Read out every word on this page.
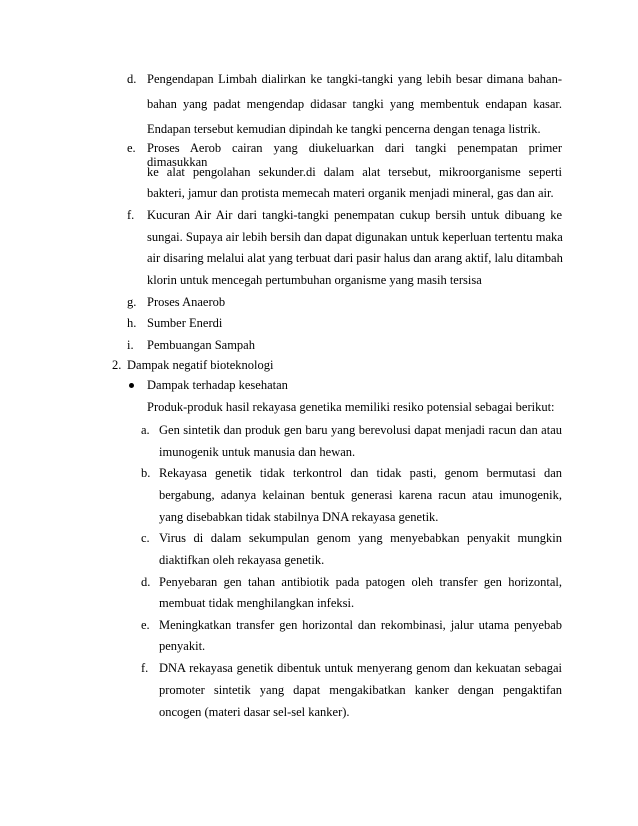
d. Pengendapan Limbah dialirkan ke tangki-tangki yang lebih besar dimana bahan-
bahan yang padat mengendap didasar tangki yang membentuk endapan kasar.
Endapan tersebut kemudian dipindah ke tangki pencerna dengan tenaga listrik.
e. Proses Aerob cairan yang diukeluarkan dari tangki penempatan primer dimasukkan
ke alat pengolahan sekunder.di dalam alat tersebut, mikroorganisme seperti
bakteri, jamur dan protista memecah materi organik menjadi mineral, gas dan air.
f. Kucuran Air Air dari tangki-tangki penempatan cukup bersih untuk dibuang ke
sungai. Supaya air lebih bersih dan dapat digunakan untuk keperluan tertentu maka
air disaring melalui alat yang terbuat dari pasir halus dan arang aktif, lalu ditambah
klorin untuk mencegah pertumbuhan organisme yang masih tersisa
g. Proses Anaerob
h. Sumber Enerdi
i. Pembuangan Sampah
2. Dampak negatif bioteknologi
Dampak terhadap kesehatan
Produk-produk hasil rekayasa genetika memiliki resiko potensial sebagai berikut:
a. Gen sintetik dan produk gen baru yang berevolusi dapat menjadi racun dan atau
imunogenik untuk manusia dan hewan.
b. Rekayasa genetik tidak terkontrol dan tidak pasti, genom bermutasi dan
bergabung, adanya kelainan bentuk generasi karena racun atau imunogenik,
yang disebabkan tidak stabilnya DNA rekayasa genetik.
c. Virus di dalam sekumpulan genom yang menyebabkan penyakit mungkin
diaktifkan oleh rekayasa genetik.
d. Penyebaran gen tahan antibiotik pada patogen oleh transfer gen horizontal,
membuat tidak menghilangkan infeksi.
e. Meningkatkan transfer gen horizontal dan rekombinasi, jalur utama penyebab
penyakit.
f. DNA rekayasa genetik dibentuk untuk menyerang genom dan kekuatan sebagai
promoter sintetik yang dapat mengakibatkan kanker dengan pengaktifan
oncogen (materi dasar sel-sel kanker).
